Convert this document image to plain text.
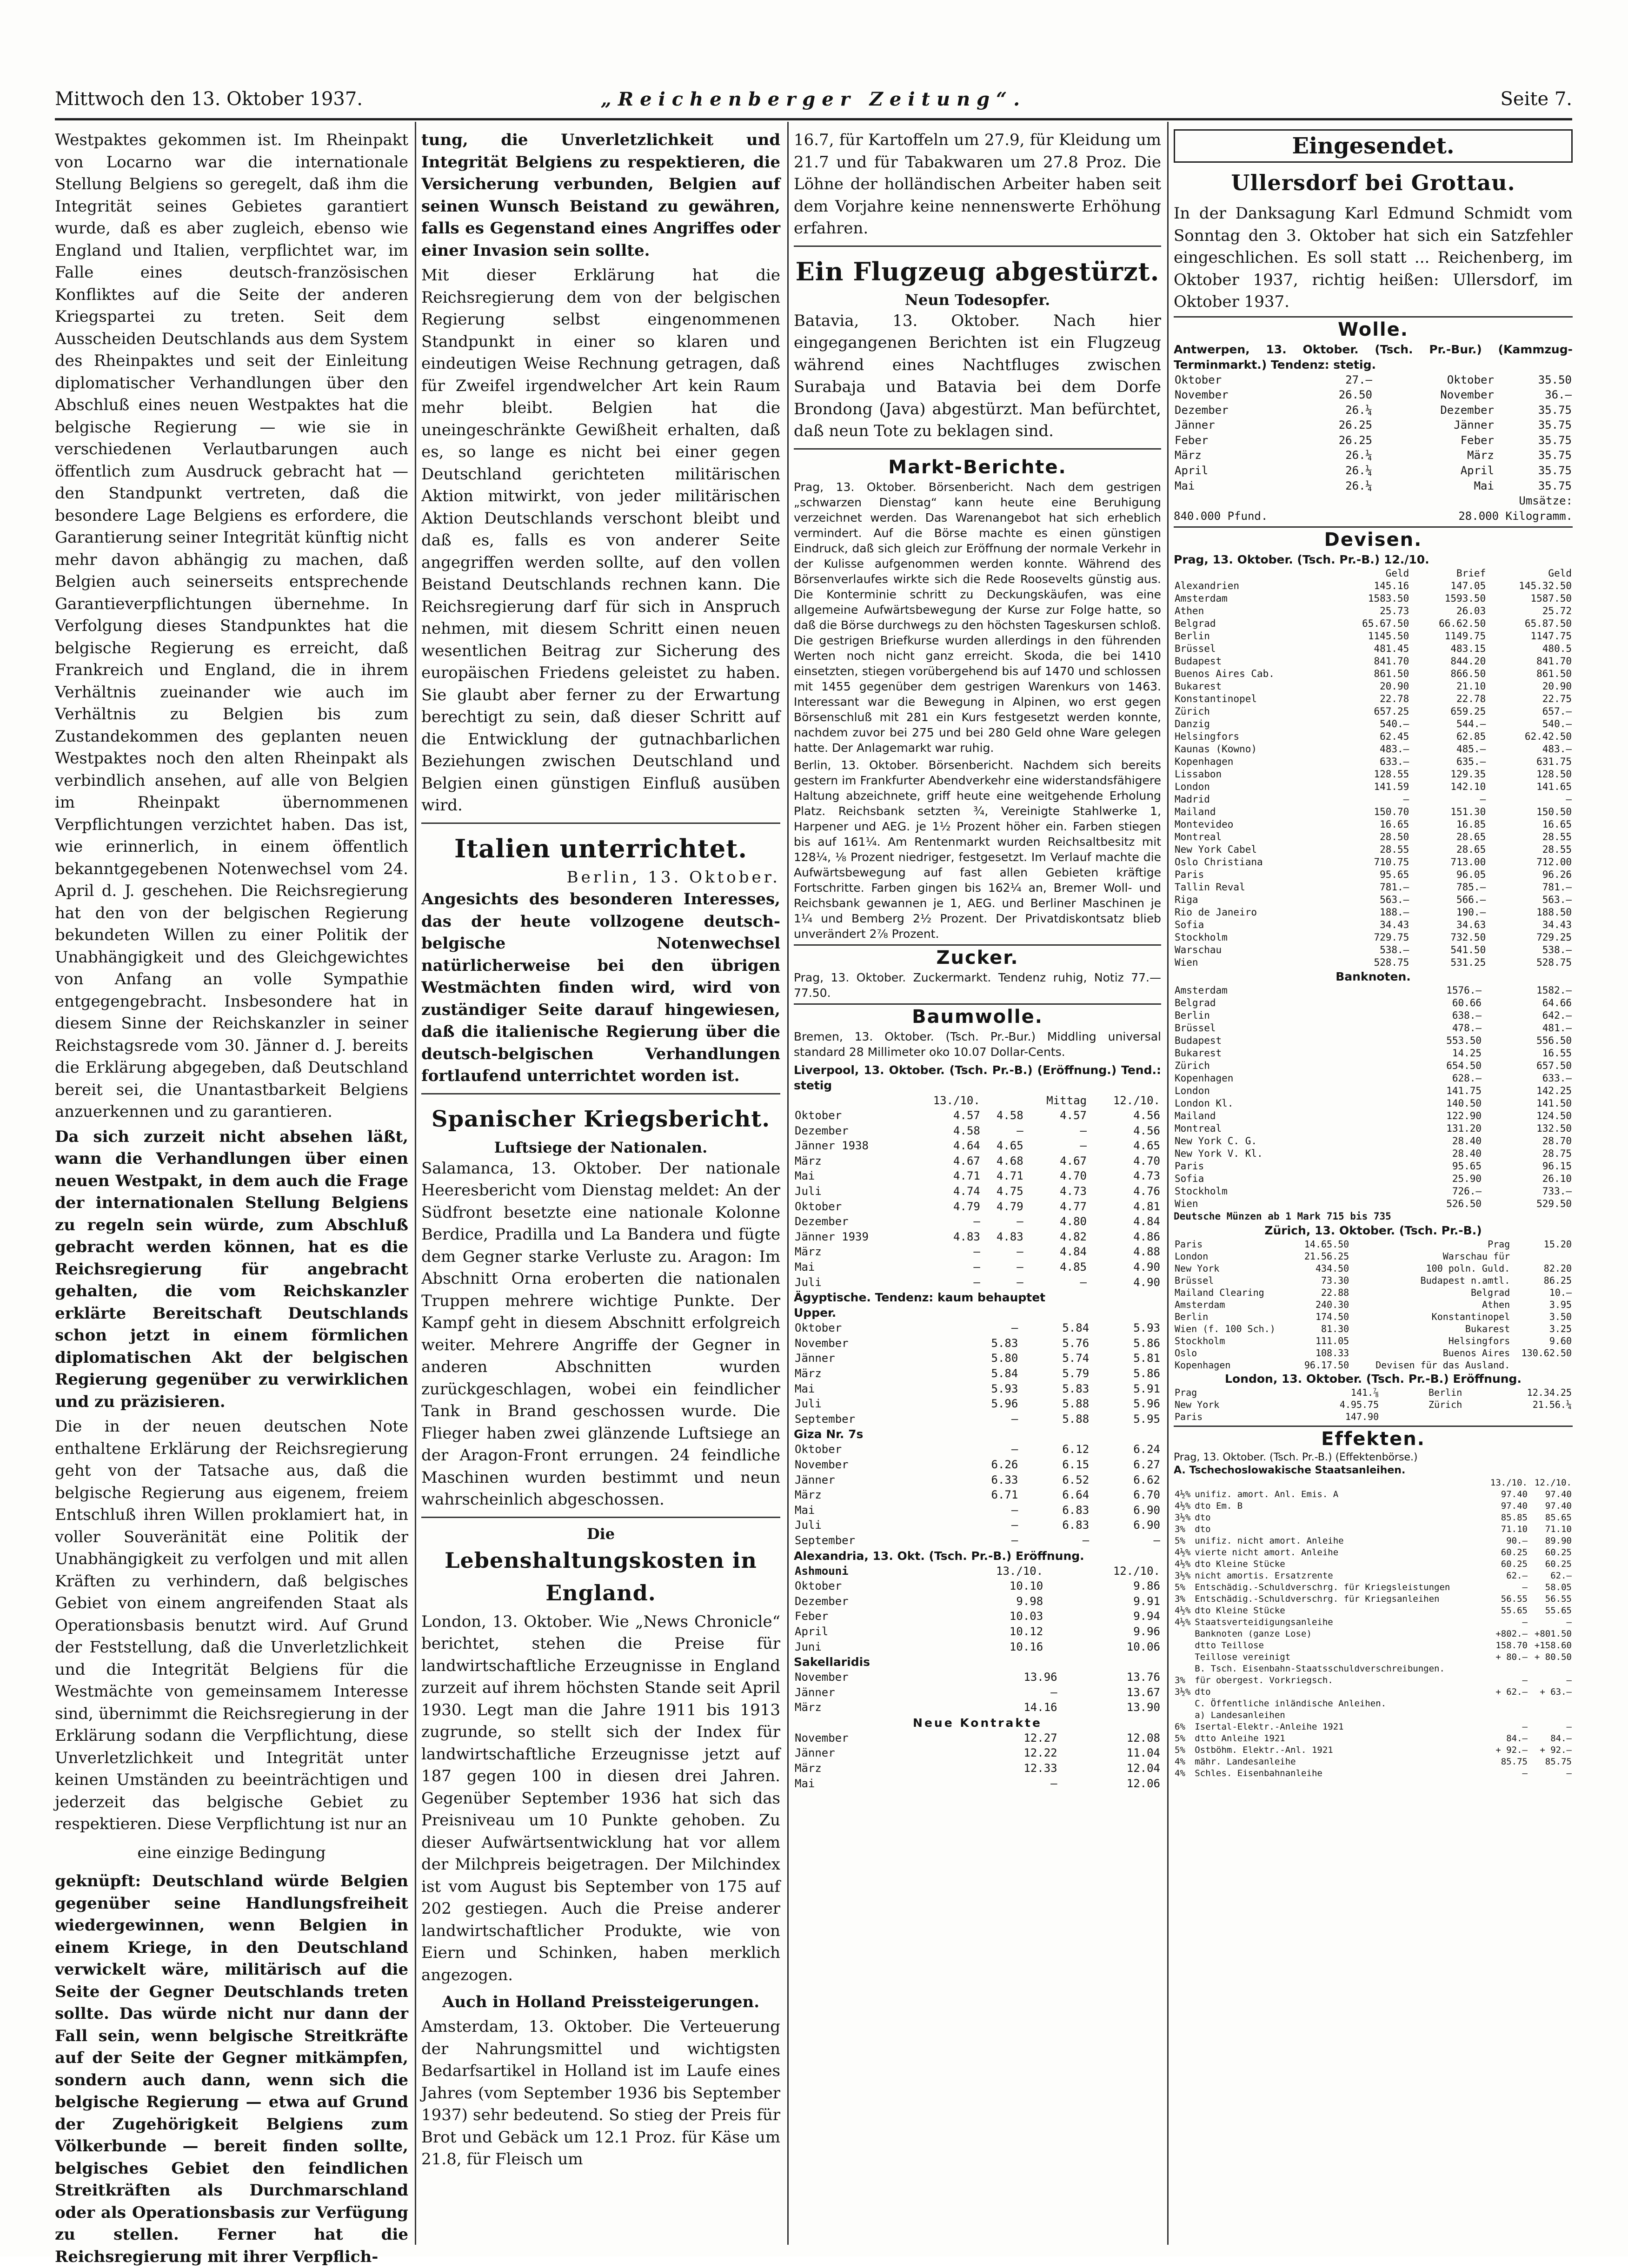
Mittwoch den 13. Oktober 1937.	„Reichenberger Zeitung“.	Seite 7.

Westpaktes gekommen ist. Im Rheinpakt von Locarno war die internationale Stellung Belgiens so geregelt, daß ihm die Integrität seines Gebietes garantiert wurde, daß es aber zugleich, ebenso wie England und Italien, verpflichtet war, im Falle eines deutsch-französischen Konfliktes auf die Seite der anderen Kriegspartei zu treten. Seit dem Ausscheiden Deutschlands aus dem System des Rheinpaktes und seit der Einleitung diplomatischer Verhandlungen über den Abschluß eines neuen Westpaktes hat die belgische Regierung — wie sie in verschiedenen Verlautbarungen auch öffentlich zum Ausdruck gebracht hat — den Standpunkt vertreten, daß die besondere Lage Belgiens es erfordere, die Garantierung seiner Integrität künftig nicht mehr davon abhängig zu machen, daß Belgien auch seinerseits entsprechende Garantieverpflichtungen übernehme. In Verfolgung dieses Standpunktes hat die belgische Regierung es erreicht, daß Frankreich und England, die in ihrem Verhältnis zueinander wie auch im Verhältnis zu Belgien bis zum Zustandekommen des geplanten neuen Westpaktes noch den alten Rheinpakt als verbindlich ansehen, auf alle von Belgien im Rheinpakt übernommenen Verpflichtungen verzichtet haben. Das ist, wie erinnerlich, in einem öffentlich bekanntgegebenen Notenwechsel vom 24. April d. J. geschehen. Die Reichsregierung hat den von der belgischen Regierung bekundeten Willen zu einer Politik der Unabhängigkeit und des Gleichgewichtes von Anfang an volle Sympathie entgegengebracht. Insbesondere hat in diesem Sinne der Reichskanzler in seiner Reichstagsrede vom 30. Jänner d. J. bereits die Erklärung abgegeben, daß Deutschland bereit sei, die Unantastbarkeit Belgiens anzuerkennen und zu garantieren.

Da sich zurzeit nicht absehen läßt, wann die Verhandlungen über einen neuen Westpakt, in dem auch die Frage der internationalen Stellung Belgiens zu regeln sein würde, zum Abschluß gebracht werden können, hat es die Reichsregierung für angebracht gehalten, die vom Reichskanzler erklärte Bereitschaft Deutschlands schon jetzt in einem förmlichen diplomatischen Akt der belgischen Regierung gegenüber zu verwirklichen und zu präzisieren.

Die in der neuen deutschen Note enthaltene Erklärung der Reichsregierung geht von der Tatsache aus, daß die belgische Regierung aus eigenem, freiem Entschluß ihren Willen proklamiert hat, in voller Souveränität eine Politik der Unabhängigkeit zu verfolgen und mit allen Kräften zu verhindern, daß belgisches Gebiet von einem angreifenden Staat als Operationsbasis benutzt wird. Auf Grund der Feststellung, daß die Unverletzlichkeit und die Integrität Belgiens für die Westmächte von gemeinsamem Interesse sind, übernimmt die Reichsregierung in der Erklärung sodann die Verpflichtung, diese Unverletzlichkeit und Integrität unter keinen Umständen zu beeinträchtigen und jederzeit das belgische Gebiet zu respektieren. Diese Verpflichtung ist nur an

eine einzige Bedingung

geknüpft: Deutschland würde Belgien gegenüber seine Handlungsfreiheit wiedergewinnen, wenn Belgien in einem Kriege, in den Deutschland verwickelt wäre, militärisch auf die Seite der Gegner Deutschlands treten sollte. Das würde nicht nur dann der Fall sein, wenn belgische Streitkräfte auf der Seite der Gegner mitkämpfen, sondern auch dann, wenn sich die belgische Regierung — etwa auf Grund der Zugehörigkeit Belgiens zum Völkerbunde — bereit finden sollte, belgisches Gebiet den feindlichen Streitkräften als Durchmarschland oder als Operationsbasis zur Verfügung zu stellen. Ferner hat die Reichsregierung mit ihrer Verpflich-

tung, die Unverletzlichkeit und Integrität Belgiens zu respektieren, die Versicherung verbunden, Belgien auf seinen Wunsch Beistand zu gewähren, falls es Gegenstand eines Angriffes oder einer Invasion sein sollte.

Mit dieser Erklärung hat die Reichsregierung dem von der belgischen Regierung selbst eingenommenen Standpunkt in einer so klaren und eindeutigen Weise Rechnung getragen, daß für Zweifel irgendwelcher Art kein Raum mehr bleibt. Belgien hat die uneingeschränkte Gewißheit erhalten, daß es, so lange es nicht bei einer gegen Deutschland gerichteten militärischen Aktion mitwirkt, von jeder militärischen Aktion Deutschlands verschont bleibt und daß es, falls es von anderer Seite angegriffen werden sollte, auf den vollen Beistand Deutschlands rechnen kann. Die Reichsregierung darf für sich in Anspruch nehmen, mit diesem Schritt einen neuen wesentlichen Beitrag zur Sicherung des europäischen Friedens geleistet zu haben. Sie glaubt aber ferner zu der Erwartung berechtigt zu sein, daß dieser Schritt auf die Entwicklung der gutnachbarlichen Beziehungen zwischen Deutschland und Belgien einen günstigen Einfluß ausüben wird.

Italien unterrichtet.

Berlin, 13. Oktober.

Angesichts des besonderen Interesses, das der heute vollzogene deutsch-belgische Notenwechsel natürlicherweise bei den übrigen Westmächten finden wird, wird von zuständiger Seite darauf hingewiesen, daß die italienische Regierung über die deutsch-belgischen Verhandlungen fortlaufend unterrichtet worden ist.

Spanischer Kriegsbericht.
Luftsiege der Nationalen.

Salamanca, 13. Oktober. Der nationale Heeresbericht vom Dienstag meldet: An der Südfront besetzte eine nationale Kolonne Berdice, Pradilla und La Bandera und fügte dem Gegner starke Verluste zu. Aragon: Im Abschnitt Orna eroberten die nationalen Truppen mehrere wichtige Punkte. Der Kampf geht in diesem Abschnitt erfolgreich weiter. Mehrere Angriffe der Gegner in anderen Abschnitten wurden zurückgeschlagen, wobei ein feindlicher Tank in Brand geschossen wurde. Die Flieger haben zwei glänzende Luftsiege an der Aragon-Front errungen. 24 feindliche Maschinen wurden bestimmt und neun wahrscheinlich abgeschossen.

Die
Lebenshaltungskosten in England.

London, 13. Oktober. Wie „News Chronicle“ berichtet, stehen die Preise für landwirtschaftliche Erzeugnisse in England zurzeit auf ihrem höchsten Stande seit April 1930. Legt man die Jahre 1911 bis 1913 zugrunde, so stellt sich der Index für landwirtschaftliche Erzeugnisse jetzt auf 187 gegen 100 in diesen drei Jahren. Gegenüber September 1936 hat sich das Preisniveau um 10 Punkte gehoben. Zu dieser Aufwärtsentwicklung hat vor allem der Milchpreis beigetragen. Der Milchindex ist vom August bis September von 175 auf 202 gestiegen. Auch die Preise anderer landwirtschaftlicher Produkte, wie von Eiern und Schinken, haben merklich angezogen.

Auch in Holland Preissteigerungen.

Amsterdam, 13. Oktober. Die Verteuerung der Nahrungsmittel und wichtigsten Bedarfsartikel in Holland ist im Laufe eines Jahres (vom September 1936 bis September 1937) sehr bedeutend. So stieg der Preis für Brot und Gebäck um 12.1 Proz. für Käse um 21.8, für Fleisch um

16.7, für Kartoffeln um 27.9, für Kleidung um 21.7 und für Tabakwaren um 27.8 Proz. Die Löhne der holländischen Arbeiter haben seit dem Vorjahre keine nennenswerte Erhöhung erfahren.

Ein Flugzeug abgestürzt.
Neun Todesopfer.

Batavia, 13. Oktober. Nach hier eingegangenen Berichten ist ein Flugzeug während eines Nachtfluges zwischen Surabaja und Batavia bei dem Dorfe Brondong (Java) abgestürzt. Man befürchtet, daß neun Tote zu beklagen sind.

Markt-Berichte.

Prag, 13. Oktober. Börsenbericht. Nach dem gestrigen „schwarzen Dienstag“ kann heute eine Beruhigung verzeichnet werden. Das Warenangebot hat sich erheblich vermindert. Auf die Börse machte es einen günstigen Eindruck, daß sich gleich zur Eröffnung der normale Verkehr in der Kulisse aufgenommen werden konnte. Während des Börsenverlaufes wirkte sich die Rede Roosevelts günstig aus. Die Konterminie schritt zu Deckungskäufen, was eine allgemeine Aufwärtsbewegung der Kurse zur Folge hatte, so daß die Börse durchwegs zu den höchsten Tageskursen schloß. Die gestrigen Briefkurse wurden allerdings in den führenden Werten noch nicht ganz erreicht. Skoda, die bei 1410 einsetzten, stiegen vorübergehend bis auf 1470 und schlossen mit 1455 gegenüber dem gestrigen Warenkurs von 1463. Interessant war die Bewegung in Alpinen, wo erst gegen Börsenschluß mit 281 ein Kurs festgesetzt werden konnte, nachdem zuvor bei 275 und bei 280 Geld ohne Ware gelegen hatte. Der Anlagemarkt war ruhig.

Berlin, 13. Oktober. Börsenbericht. Nachdem sich bereits gestern im Frankfurter Abendverkehr eine widerstandsfähigere Haltung abzeichnete, griff heute eine weitgehende Erholung Platz. Reichsbank setzten ¾, Vereinigte Stahlwerke 1, Harpener und AEG. je 1½ Prozent höher ein. Farben stiegen bis auf 161¼. Am Rentenmarkt wurden Reichsaltbesitz mit 128¼, ⅛ Prozent niedriger, festgesetzt. Im Verlauf machte die Aufwärtsbewegung auf fast allen Gebieten kräftige Fortschritte. Farben gingen bis 162¼ an, Bremer Woll- und Reichsbank gewannen je 1, AEG. und Berliner Maschinen je 1¼ und Bemberg 2½ Prozent. Der Privatdiskontsatz blieb unverändert 2⅞ Prozent.

Zucker.

Prag, 13. Oktober. Zuckermarkt. Tendenz ruhig, Notiz 77.— 77.50.

Baumwolle.

Bremen, 13. Oktober. (Tsch. Pr.-Bur.) Middling universal standard 28 Millimeter oko 10.07 Dollar-Cents.

Liverpool, 13. Oktober. (Tsch. Pr.-B.) (Eröffnung.) Tend.: stetig

	13./10.		Mittag	12./10.
Oktober	4.57	4.58	4.57	4.56
Dezember	4.58	—	—	4.56
Jänner 1938	4.64	4.65	—	4.65
März	4.67	4.68	4.67	4.70
Mai	4.71	4.71	4.70	4.73
Juli	4.74	4.75	4.73	4.76
Oktober	4.79	4.79	4.77	4.81
Dezember	—	—	4.80	4.84
Jänner 1939	4.83	4.83	4.82	4.86
März	—	—	4.84	4.88
Mai	—	—	4.85	4.90
Juli	—	—	—	4.90

Ägyptische. Tendenz: kaum behauptet

Upper.

Oktober	—	5.84	5.93
November	5.83	5.76	5.86
Jänner	5.80	5.74	5.81
März	5.84	5.79	5.86
Mai	5.93	5.83	5.91
Juli	5.96	5.88	5.96
September	—	5.88	5.95

Giza Nr. 7s

Oktober	—	6.12	6.24
November	6.26	6.15	6.27
Jänner	6.33	6.52	6.62
März	6.71	6.64	6.70
Mai	—	6.83	6.90
Juli	—	6.83	6.90
September	—	—	—

Alexandria, 13. Okt. (Tsch. Pr.-B.) Eröffnung.

Ashmouni	13./10.	12./10.
Oktober	10.10	9.86
Dezember	9.98	9.91
Feber	10.03	9.94
April	10.12	9.96
Juni	10.16	10.06

Sakellaridis

November	13.96	13.76
Jänner	—	13.67
März	14.16	13.90

Neue Kontrakte

November	12.27	12.08
Jänner	12.22	11.04
März	12.33	12.04
Mai	—	12.06
Eingesendet.
Ullersdorf bei Grottau.

In der Danksagung Karl Edmund Schmidt vom Sonntag den 3. Oktober hat sich ein Satzfehler eingeschlichen. Es soll statt ... Reichenberg, im Oktober 1937, richtig heißen: Ullersdorf, im Oktober 1937.

Wolle.

Antwerpen, 13. Oktober. (Tsch. Pr.-Bur.) (Kammzug-Terminmarkt.) Tendenz: stetig.

Oktober	27.—	Oktober	35.50
November	26.50	November	36.—
Dezember	26.¼	Dezember	35.75
Jänner	26.25	Jänner	35.75
Feber	26.25	Feber	35.75
März	26.¼	März	35.75
April	26.¼	April	35.75
Mai	26.¼	Mai	35.75
Umsätze:
840.000 Pfund.	28.000 Kilogramm.
Devisen.

Prag, 13. Oktober. (Tsch. Pr.-B.) 12./10.

	Geld	Brief	Geld
Alexandrien	145.16	147.05	145.32.50
Amsterdam	1583.50	1593.50	1587.50
Athen	25.73	26.03	25.72
Belgrad	65.67.50	66.62.50	65.87.50
Berlin	1145.50	1149.75	1147.75
Brüssel	481.45	483.15	480.5
Budapest	841.70	844.20	841.70
Buenos Aires Cab.	861.50	866.50	861.50
Bukarest	20.90	21.10	20.90
Konstantinopel	22.78	22.78	22.75
Zürich	657.25	659.25	657.—
Danzig	540.—	544.—	540.—
Helsingfors	62.45	62.85	62.42.50
Kaunas (Kowno)	483.—	485.—	483.—
Kopenhagen	633.—	635.—	631.75
Lissabon	128.55	129.35	128.50
London	141.59	142.10	141.65
Madrid	—	—	—
Mailand	150.70	151.30	150.50
Montevideo	16.65	16.85	16.65
Montreal	28.50	28.65	28.55
New York Cabel	28.55	28.65	28.55
Oslo Christiana	710.75	713.00	712.00
Paris	95.65	96.05	96.26
Tallin Reval	781.—	785.—	781.—
Riga	563.—	566.—	563.—
Rio de Janeiro	188.—	190.—	188.50
Sofia	34.43	34.63	34.43
Stockholm	729.75	732.50	729.25
Warschau	538.—	541.50	538.—
Wien	528.75	531.25	528.75

Banknoten.

Amsterdam	1576.—	1582.—
Belgrad	60.66	64.66
Berlin	638.—	642.—
Brüssel	478.—	481.—
Budapest	553.50	556.50
Bukarest	14.25	16.55
Zürich	654.50	657.50
Kopenhagen	628.—	633.—
London	141.75	142.25
London Kl.	140.50	141.50
Mailand	122.90	124.50
Montreal	131.20	132.50
New York C. G.	28.40	28.70
New York V. Kl.	28.40	28.75
Paris	95.65	96.15
Sofia	25.90	26.10
Stockholm	726.—	733.—
Wien	526.50	529.50

Deutsche Münzen ab 1 Mark 715 bis 735

Zürich, 13. Oktober. (Tsch. Pr.-B.)

Paris	14.65.50	Prag	15.20
London	21.56.25	Warschau für	
New York	434.50	100 poln. Guld.	82.20
Brüssel	73.30	Budapest n.amtl.	86.25
Mailand Clearing	22.88	Belgrad	10.—
Amsterdam	240.30	Athen	3.95
Berlin	174.50	Konstantinopel	3.50
Wien (f. 100 Sch.)	81.30	Bukarest	3.25
Stockholm	111.05	Helsingfors	9.60
Oslo	108.33	Buenos Aires	130.62.50
Kopenhagen	96.17.50	Devisen für das Ausland.	

London, 13. Oktober. (Tsch. Pr.-B.) Eröffnung.

Prag	141.⅞	Berlin	12.34.25
New York	4.95.75	Zürich	21.56.¼
Paris	147.90		
Effekten.

Prag, 13. Oktober. (Tsch. Pr.-B.) (Effektenbörse.)

A. Tschechoslowakische Staatsanleihen.

		13./10.	12./10.
4½%	unifiz. amort. Anl. Emis. A	97.40	97.40
4½%	dto Em. B	97.40	97.40
3½%	dto	85.85	85.65
3%	dto	71.10	71.10
5%	unifiz. nicht amort. Anleihe	90.—	89.90
4½%	vierte nicht amort. Anleihe	60.25	60.25
4½%	dto Kleine Stücke	60.25	60.25
3½%	nicht amortis. Ersatzrente	62.—	62.—
5%	Entschädig.-Schuldverschrg. für Kriegsleistungen	—	58.05
3%	Entschädig.-Schuldverschrg. für Kriegsanleihen	56.55	56.55
4½%	dto Kleine Stücke	55.65	55.65
4½%	Staatsverteidigungsanleihe	—	—
	Banknoten (ganze Lose)	+802.—	+801.50
	dtto Teillose	158.70	+158.60
	Teillose vereinigt	+ 80.—	+ 80.50
	B. Tsch. Eisenbahn-Staatsschuldverschreibungen.		
3%	für obergest. Vorkriegsch.	—	—
3½%	dto	+ 62.—	+ 63.—
	C. Öffentliche inländische Anleihen.		
	a) Landesanleihen		
6%	Isertal-Elektr.-Anleihe 1921	—	—
5%	dtto Anleihe 1921	84.—	84.—
5%	Ostböhm. Elektr.-Anl. 1921	+ 92.—	+ 92.—
4%	mähr. Landesanleihe	85.75	85.75
4%	Schles. Eisenbahnanleihe	—	—
